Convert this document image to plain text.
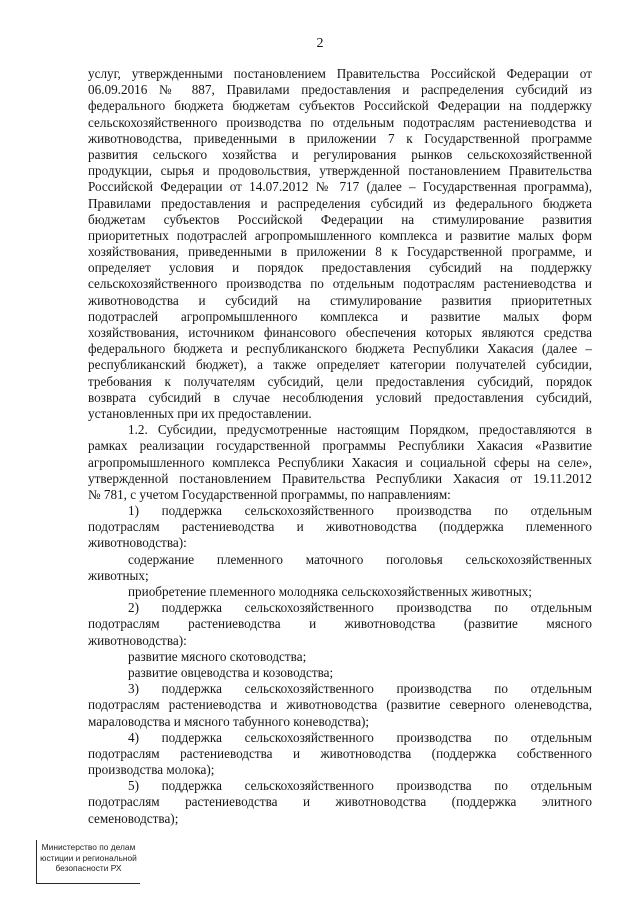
2
услуг, утвержденными постановлением Правительства Российской Федерации от
06.09.2016 № 887, Правилами предоставления и распределения субсидий из
федерального бюджета бюджетам субъектов Российской Федерации на поддержку
сельскохозяйственного производства по отдельным подотраслям растениеводства и
животноводства, приведенными в приложении 7 к Государственной программе
развития сельского хозяйства и регулирования рынков сельскохозяйственной
продукции, сырья и продовольствия, утвержденной постановлением Правительства
Российской Федерации от 14.07.2012 № 717 (далее – Государственная программа),
Правилами предоставления и распределения субсидий из федерального бюджета
бюджетам субъектов Российской Федерации на стимулирование развития
приоритетных подотраслей агропромышленного комплекса и развитие малых форм
хозяйствования, приведенными в приложении 8 к Государственной программе, и
определяет условия и порядок предоставления субсидий на поддержку
сельскохозяйственного производства по отдельным подотраслям растениеводства и
животноводства и субсидий на стимулирование развития приоритетных
подотраслей агропромышленного комплекса и развитие малых форм
хозяйствования, источником финансового обеспечения которых являются средства
федерального бюджета и республиканского бюджета Республики Хакасия (далее –
республиканский бюджет), а также определяет категории получателей субсидии,
требования к получателям субсидий, цели предоставления субсидий, порядок
возврата субсидий в случае несоблюдения условий предоставления субсидий,
установленных при их предоставлении.
1.2. Субсидии, предусмотренные настоящим Порядком, предоставляются в
рамках реализации государственной программы Республики Хакасия «Развитие
агропромышленного комплекса Республики Хакасия и социальной сферы на селе»,
утвержденной постановлением Правительства Республики Хакасия от 19.11.2012
№ 781, с учетом Государственной программы, по направлениям:
1) поддержка сельскохозяйственного производства по отдельным
подотраслям растениеводства и животноводства (поддержка племенного
животноводства):
содержание племенного маточного поголовья сельскохозяйственных
животных;
приобретение племенного молодняка сельскохозяйственных животных;
2) поддержка сельскохозяйственного производства по отдельным
подотраслям растениеводства и животноводства (развитие мясного
животноводства):
развитие мясного скотоводства;
развитие овцеводства и козоводства;
3) поддержка сельскохозяйственного производства по отдельным
подотраслям растениеводства и животноводства (развитие северного оленеводства,
мараловодства и мясного табунного коневодства);
4) поддержка сельскохозяйственного производства по отдельным
подотраслям растениеводства и животноводства (поддержка собственного
производства молока);
5) поддержка сельскохозяйственного производства по отдельным
подотраслям растениеводства и животноводства (поддержка элитного
семеноводства);
Министерство по делам
юстиции и региональной
безопасности РХ
